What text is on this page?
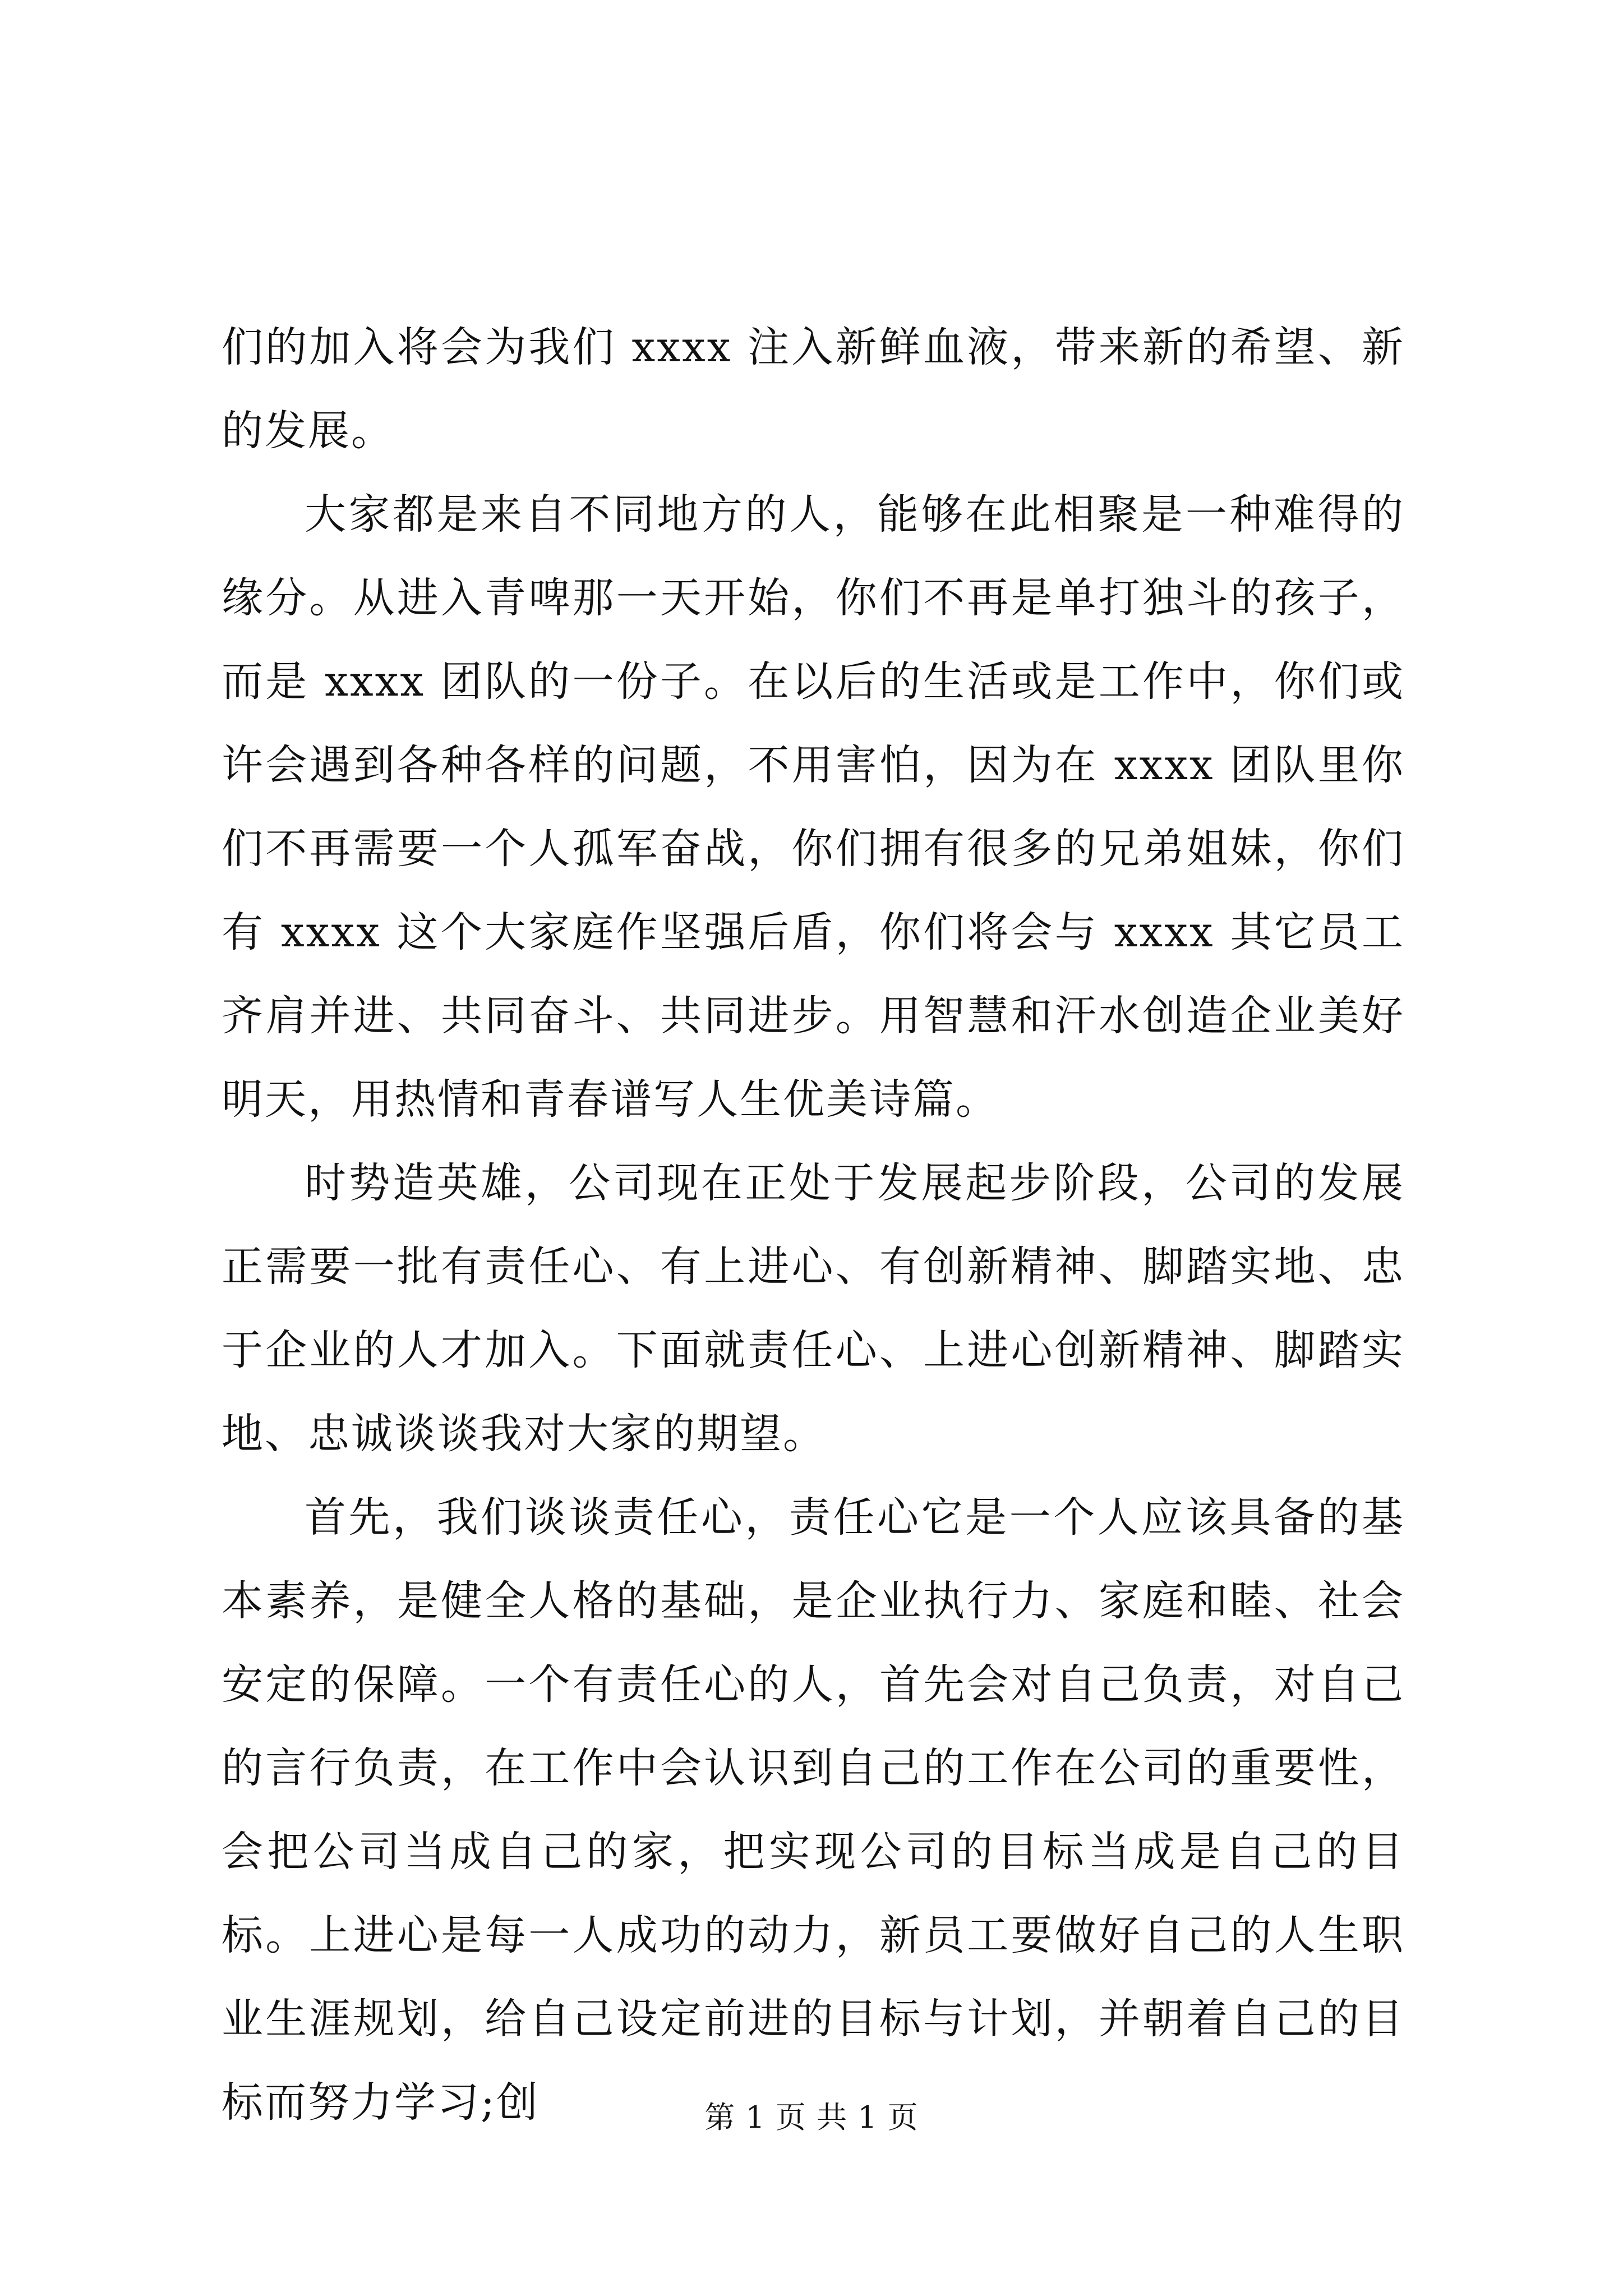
们的加入将会为我们 xxxx 注入新鲜血液，带来新的希望、新的发展。

大家都是来自不同地方的人，能够在此相聚是一种难得的缘分。从进入青啤那一天开始，你们不再是单打独斗的孩子，而是 xxxx 团队的一份子。在以后的生活或是工作中，你们或许会遇到各种各样的问题，不用害怕，因为在 xxxx 团队里你们不再需要一个人孤军奋战，你们拥有很多的兄弟姐妹，你们有 xxxx 这个大家庭作坚强后盾，你们将会与 xxxx 其它员工齐肩并进、共同奋斗、共同进步。用智慧和汗水创造企业美好明天，用热情和青春谱写人生优美诗篇。

时势造英雄，公司现在正处于发展起步阶段，公司的发展正需要一批有责任心、有上进心、有创新精神、脚踏实地、忠于企业的人才加入。下面就责任心、上进心创新精神、脚踏实地、忠诚谈谈我对大家的期望。

首先，我们谈谈责任心，责任心它是一个人应该具备的基本素养，是健全人格的基础，是企业执行力、家庭和睦、社会安定的保障。一个有责任心的人，首先会对自己负责，对自己的言行负责，在工作中会认识到自己的工作在公司的重要性，会把公司当成自己的家，把实现公司的目标当成是自己的目标。上进心是每一人成功的动力，新员工要做好自己的人生职业生涯规划，给自己设定前进的目标与计划，并朝着自己的目标而努力学习;创	第 1 页 共 1 页
